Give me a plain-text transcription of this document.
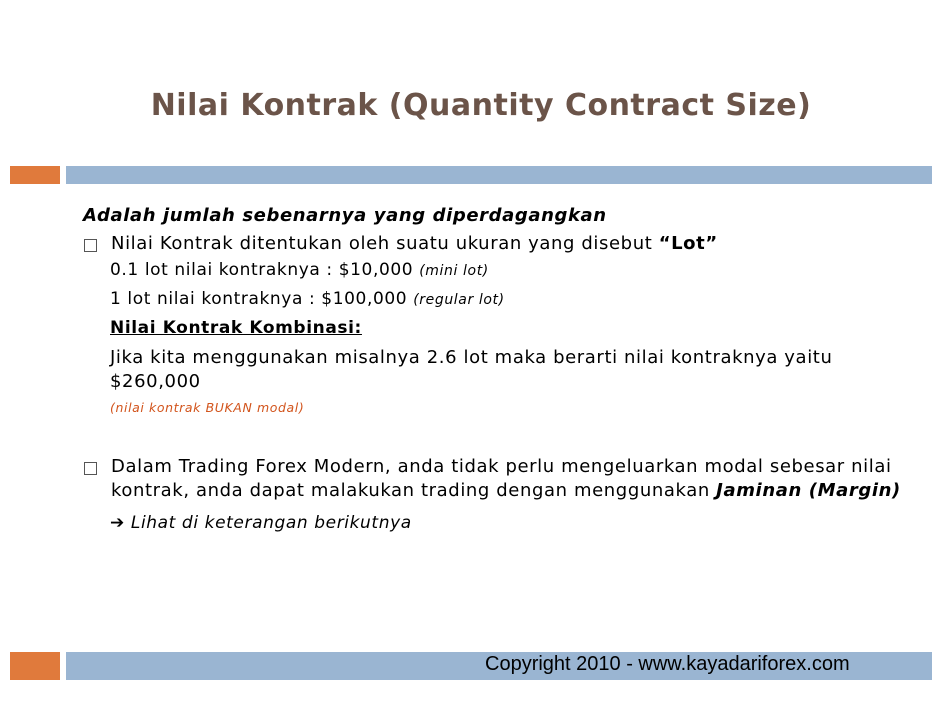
Nilai Kontrak (Quantity Contract Size)
Adalah jumlah sebenarnya yang diperdagangkan
Nilai Kontrak ditentukan oleh suatu ukuran yang disebut “Lot”
0.1 lot nilai kontraknya : $10,000 (mini lot)
1 lot nilai kontraknya : $100,000 (regular lot)
Nilai Kontrak Kombinasi:
Jika kita menggunakan misalnya 2.6 lot maka berarti nilai kontraknya yaitu $260,000
(nilai kontrak BUKAN modal)
Dalam Trading Forex Modern, anda tidak perlu mengeluarkan modal sebesar nilai kontrak, anda dapat malakukan trading dengan menggunakan Jaminan (Margin)
➔ Lihat di keterangan berikutnya
Copyright 2010 - www.kayadariforex.com
